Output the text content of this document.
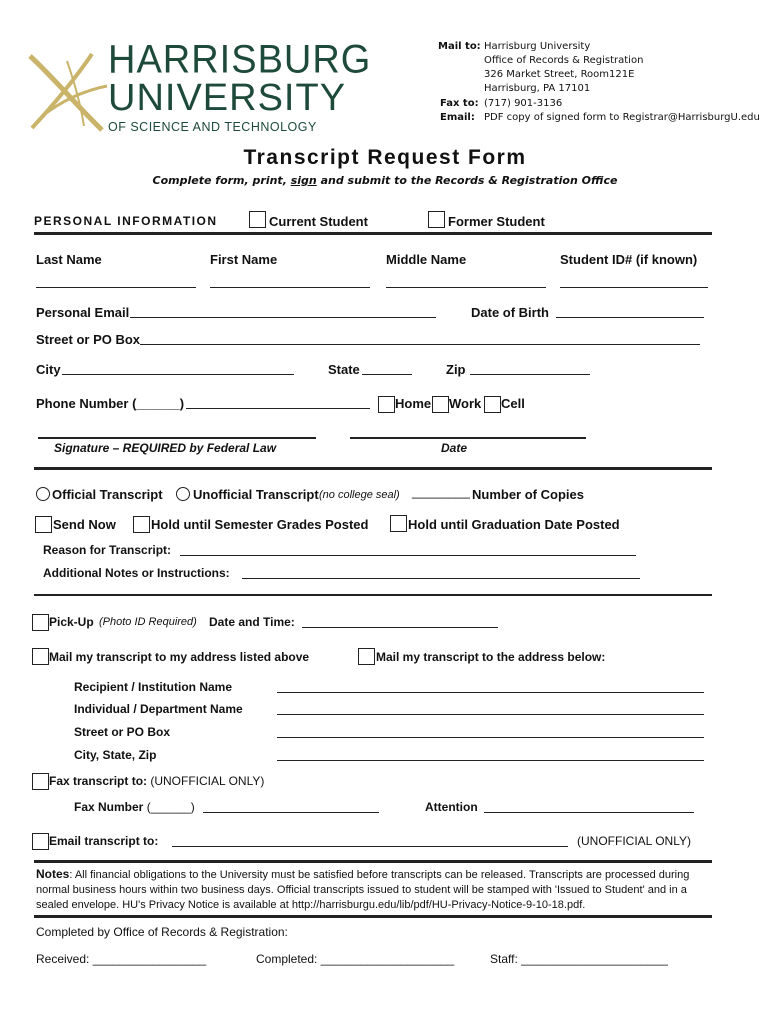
HARRISBURG
UNIVERSITY
OF SCIENCE AND TECHNOLOGY
Mail to: Harrisburg University
Office of Records & Registration
326 Market Street, Room121E
Harrisburg, PA 17101
Fax to: (717) 901-3136
Email: PDF copy of signed form to Registrar@HarrisburgU.edu
Transcript Request Form
Complete form, print, sign and submit to the Records & Registration Office
PERSONAL INFORMATION	Current Student	Former Student
Last Name	First Name	Middle Name	Student ID# (if known)
Personal Email	Date of Birth
Street or PO Box
City	State	Zip
Phone Number (______)	Home Work Cell
Signature – REQUIRED by Federal Law	Date
Official Transcript Unofficial Transcript (no college seal) ________ Number of Copies
Send Now	Hold until Semester Grades Posted	Hold until Graduation Date Posted
Reason for Transcript:
Additional Notes or Instructions:
Pick-Up (Photo ID Required) Date and Time:
Mail my transcript to my address listed above	Mail my transcript to the address below:
Recipient / Institution Name
Individual / Department Name
Street or PO Box
City, State, Zip
Fax transcript to: (UNOFFICIAL ONLY)
Fax Number (______)	Attention
Email transcript to:	(UNOFFICIAL ONLY)
Notes: All financial obligations to the University must be satisfied before transcripts can be released. Transcripts are processed during normal business hours within two business days. Official transcripts issued to student will be stamped with 'Issued to Student' and in a sealed envelope. HU's Privacy Notice is available at http://harrisburgu.edu/lib/pdf/HU-Privacy-Notice-9-10-18.pdf.
Completed by Office of Records & Registration:
Received: _________________	Completed: ____________________	Staff: ______________________
